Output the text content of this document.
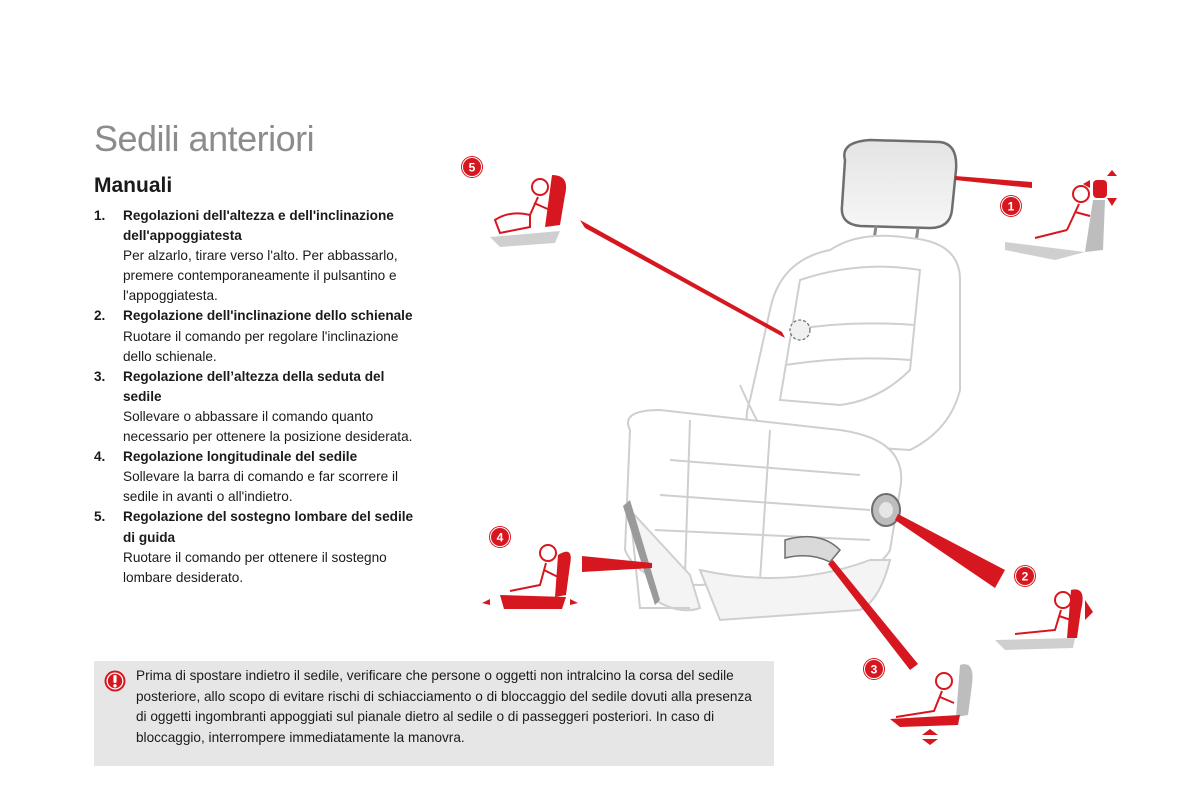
Sedili anteriori
Manuali
1. Regolazioni dell'altezza e dell'inclinazione dell'appoggiatesta
Per alzarlo, tirare verso l'alto. Per abbassarlo, premere contemporaneamente il pulsantino e l'appoggiatesta.
2. Regolazione dell'inclinazione dello schienale
Ruotare il comando per regolare l'inclinazione dello schienale.
3. Regolazione dell’altezza della seduta del sedile
Sollevare o abbassare il comando quanto necessario per ottenere la posizione desiderata.
4. Regolazione longitudinale del sedile
Sollevare la barra di comando e far scorrere il sedile in avanti o all'indietro.
5. Regolazione del sostegno lombare del sedile di guida
Ruotare il comando per ottenere il sostegno lombare desiderato.

Prima di spostare indietro il sedile, verificare che persone o oggetti non intralcino la corsa del sedile posteriore, allo scopo di evitare rischi di schiacciamento o di bloccaggio del sedile dovuti alla presenza di oggetti ingombranti appoggiati sul pianale dietro al sedile o di passeggeri posteriori. In caso di bloccaggio, interrompere immediatamente la manovra.

5
1
4
2
3
